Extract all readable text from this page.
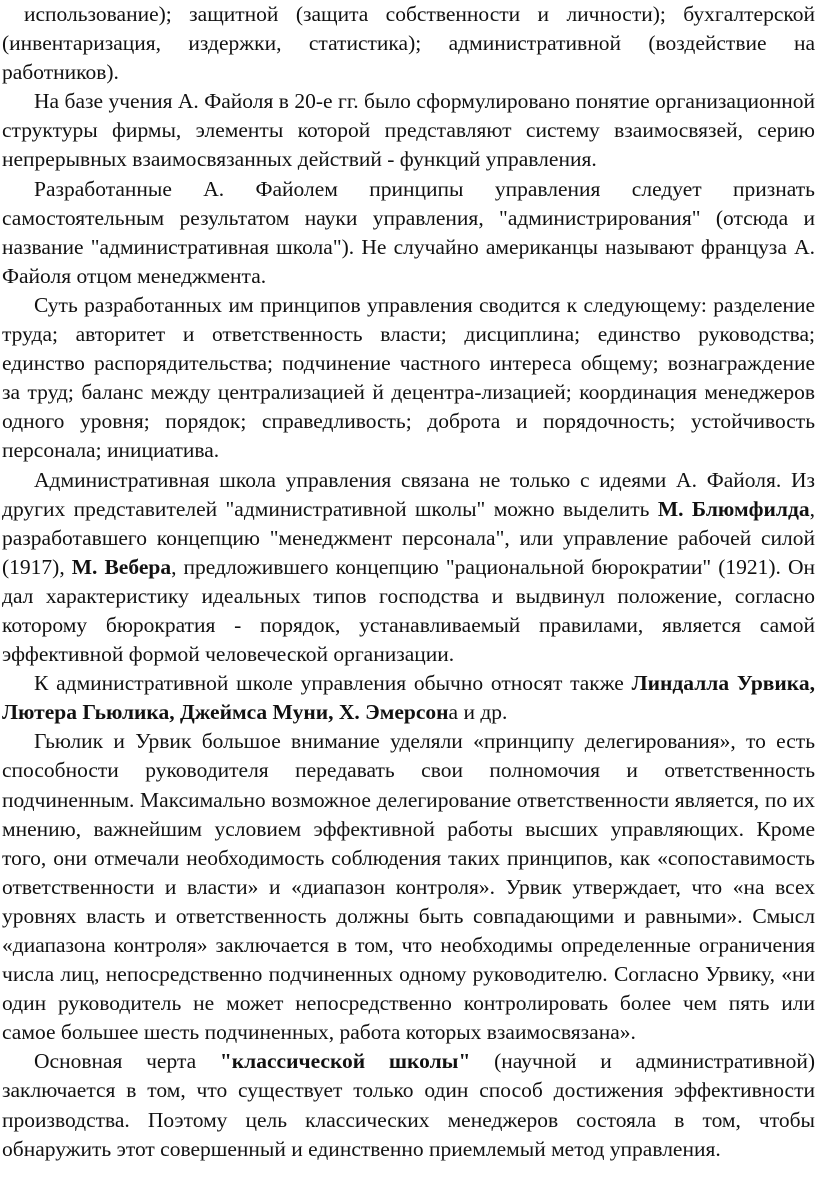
использование); защитной (защита собственности и личности); бухгалтерской (инвентаризация, издержки, статистика); административной (воздействие на работников).

На базе учения А. Файоля в 20-е гг. было сформулировано понятие организационной структуры фирмы, элементы которой представляют систему взаимосвязей, серию непрерывных взаимосвязанных действий - функций управления.

Разработанные А. Файолем принципы управления следует признать самостоятельным результатом науки управления, "администрирования" (отсюда и название "административная школа"). Не случайно американцы называют француза А. Файоля отцом менеджмента.

Суть разработанных им принципов управления сводится к следующему: разделение труда; авторитет и ответственность власти; дисциплина; единство руководства; единство распорядительства; подчинение частного интереса общему; вознаграждение за труд; баланс между централизацией й децентра-лизацией; координация менеджеров одного уровня; порядок; справедливость; доброта и порядочность; устойчивость персонала; инициатива.

Административная школа управления связана не только с идеями А. Файоля. Из других представителей "административной школы" можно выделить М. Блюмфилда, разработавшего концепцию "менеджмент персонала", или управление рабочей силой (1917), М. Вебера, предложившего концепцию "рациональной бюрократии" (1921). Он дал характеристику идеальных типов господства и выдвинул положение, согласно которому бюрократия - порядок, устанавливаемый правилами, является самой эффективной формой человеческой организации.

К административной школе управления обычно относят также Линдалла Урвика, Лютера Гьюлика, Джеймса Муни, Х. Эмерсона и др.

Гьюлик и Урвик большое внимание уделяли «принципу делегирования», то есть способности руководителя передавать свои полномочия и ответственность подчиненным. Максимально возможное делегирование ответственности является, по их мнению, важнейшим условием эффективной работы высших управляющих. Кроме того, они отмечали необходимость соблюдения таких принципов, как «сопоставимость ответственности и власти» и «диапазон контроля». Урвик утверждает, что «на всех уровнях власть и ответственность должны быть совпадающими и равными». Смысл «диапазона контроля» заключается в том, что необходимы определенные ограничения числа лиц, непосредственно подчиненных одному руководителю. Согласно Урвику, «ни один руководитель не может непосредственно контролировать более чем пять или самое большее шесть подчиненных, работа которых взаимосвязана».

Основная черта "классической школы" (научной и административной) заключается в том, что существует только один способ достижения эффективности производства. Поэтому цель классических менеджеров состояла в том, чтобы обнаружить этот совершенный и единственно приемлемый метод управления.
